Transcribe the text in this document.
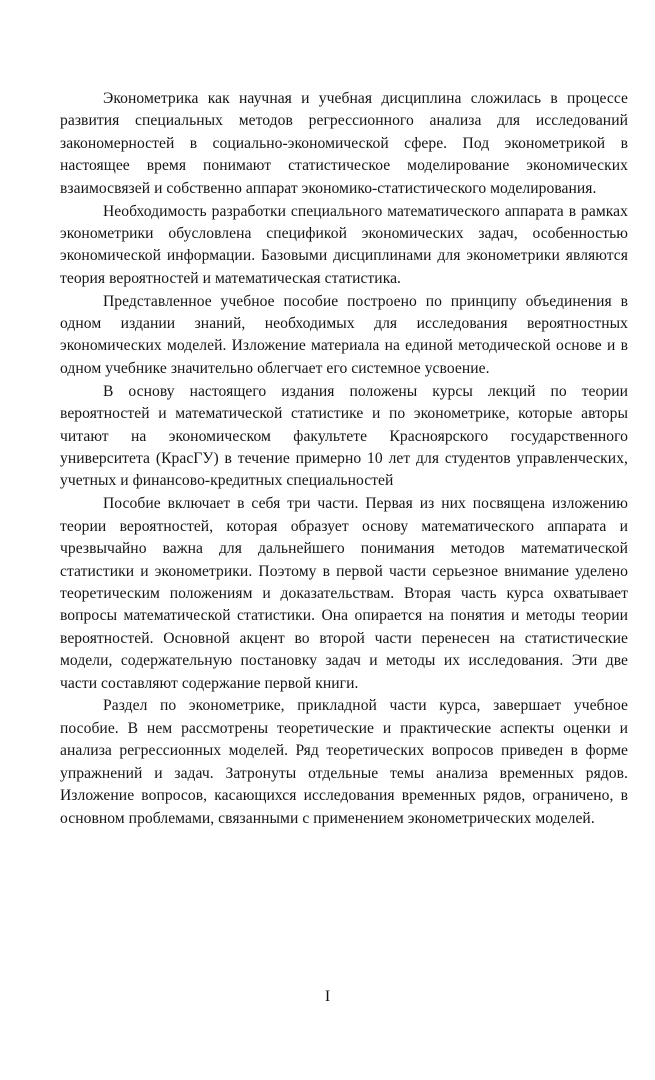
Эконометрика как научная и учебная дисциплина сложилась в процессе развития специальных методов регрессионного анализа для исследований закономерностей в социально-экономической сфере. Под эконометрикой в настоящее время понимают статистическое моделирование экономических взаимосвязей и собственно аппарат экономико-статистического моделирования.

Необходимость разработки специального математического аппарата в рамках эконометрики обусловлена спецификой экономических задач, особенностью экономической информации. Базовыми дисциплинами для эконометрики являются теория вероятностей и математическая статистика.

Представленное учебное пособие построено по принципу объединения в одном издании знаний, необходимых для исследования вероятностных экономических моделей. Изложение материала на единой методической основе и в одном учебнике значительно облегчает его системное усвоение.

В основу настоящего издания положены курсы лекций по теории вероятностей и математической статистике и по эконометрике, которые авторы читают на экономическом факультете Красноярского государственного университета (КрасГУ) в течение примерно 10 лет для студентов управленческих, учетных и финансово-кредитных специальностей

Пособие включает в себя три части. Первая из них посвящена изложению теории вероятностей, которая образует основу математического аппарата и чрезвычайно важна для дальнейшего понимания методов математической статистики и эконометрики. Поэтому в первой части серьезное внимание уделено теоретическим положениям и доказательствам. Вторая часть курса охватывает вопросы математической статистики. Она опирается на понятия и методы теории вероятностей. Основной акцент во второй части перенесен на статистические модели, содержательную постановку задач и методы их исследования. Эти две части составляют содержание первой книги.

Раздел по эконометрике, прикладной части курса, завершает учебное пособие. В нем рассмотрены теоретические и практические аспекты оценки и анализа регрессионных моделей. Ряд теоретических вопросов приведен в форме упражнений и задач. Затронуты отдельные темы анализа временных рядов. Изложение вопросов, касающихся исследования временных рядов, ограничено, в основном проблемами, связанными с применением эконометрических моделей.

I
